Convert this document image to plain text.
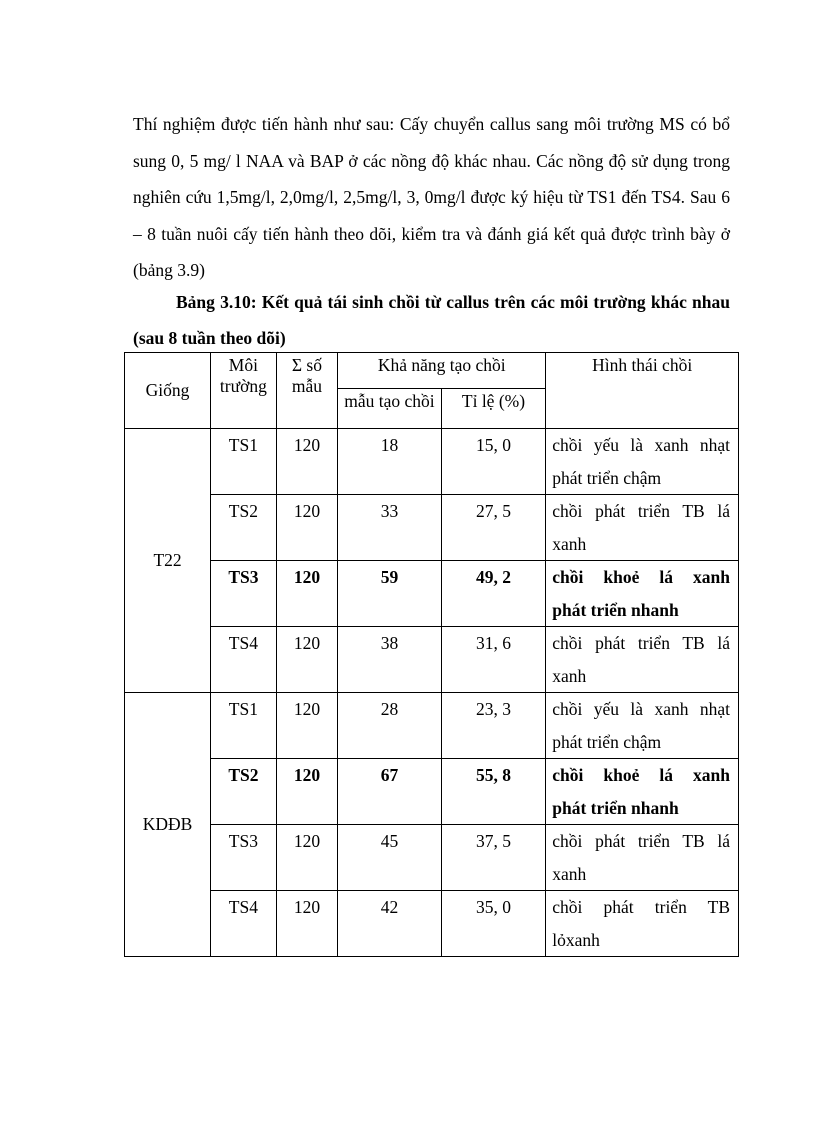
Thí nghiệm được tiến hành như sau: Cấy chuyển callus sang môi trường MS có bổ sung 0, 5 mg/ l NAA và BAP ở các nồng độ khác nhau. Các nồng độ sử dụng trong nghiên cứu 1,5mg/l, 2,0mg/l, 2,5mg/l, 3, 0mg/l được ký hiệu từ TS1 đến TS4. Sau 6 – 8 tuần nuôi cấy tiến hành theo dõi, kiểm tra và đánh giá kết quả được trình bày ở (bảng 3.9)

Bảng 3.10: Kết quả tái sinh chồi từ callus trên các môi trường khác nhau (sau 8 tuần theo dõi)

Giống	Môi trường	Σ số mẫu	Khả năng tạo chồi		Hình thái chồi
			mẫu tạo chồi	Tỉ lệ (%)	
T22	TS1	120	18	15, 0	chồi yếu là xanh nhạt
phát triển chậm

	TS2	120	33	27, 5	chồi phát triển TB lá
xanh

	TS3	120	59	49, 2	chồi khoẻ lá xanh
phát triển nhanh

	TS4	120	38	31, 6	chồi phát triển TB lá
xanh

KDĐB	TS1	120	28	23, 3	chồi yếu là xanh nhạt
phát triển chậm

	TS2	120	67	55, 8	chồi khoẻ lá xanh
phát triển nhanh

	TS3	120	45	37, 5	chồi phát triển TB lá
xanh

	TS4	120	42	35, 0	chồi phát triển TB
lỏxanh
